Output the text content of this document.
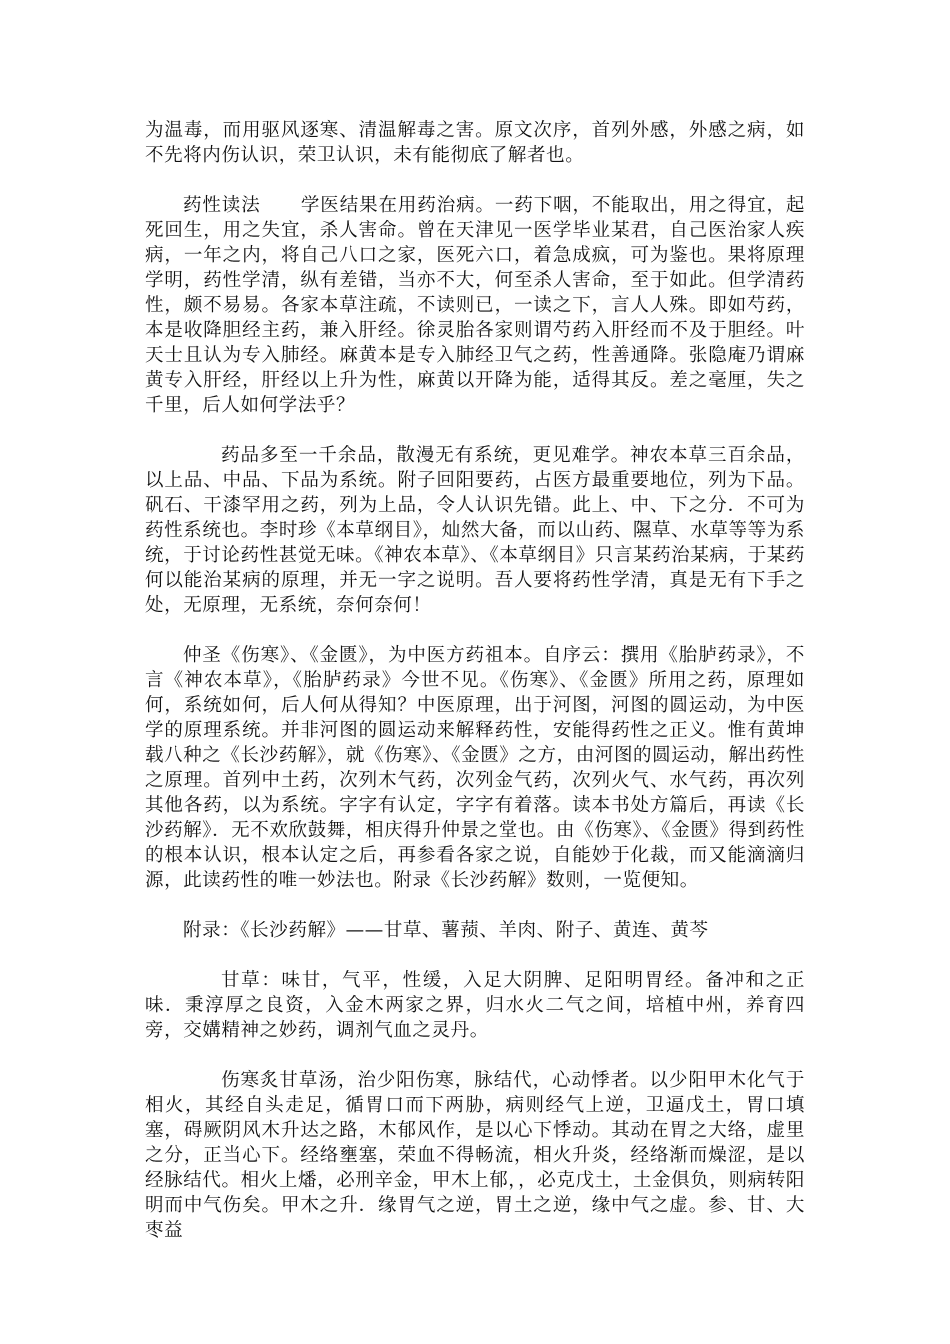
为温毒，而用驱风逐寒、清温解毒之害。原文次序，首列外感，外感之病，如不先将内伤认识，荣卫认识，未有能彻底了解者也。

药性读法 学医结果在用药治病。一药下咽，不能取出，用之得宜，起死回生，用之失宜，杀人害命。曾在天津见一医学毕业某君，自己医治家人疾病，一年之内，将自己八口之家，医死六口，着急成疯，可为鉴也。果将原理学明，药性学清，纵有差错，当亦不大，何至杀人害命，至于如此。但学清药性，颇不易易。各家本草注疏，不读则已，一读之下，言人人殊。即如芍药，本是收降胆经主药，兼入肝经。徐灵胎各家则谓芍药入肝经而不及于胆经。叶天士且认为专入肺经。麻黄本是专入肺经卫气之药，性善通降。张隐庵乃谓麻黄专入肝经，肝经以上升为性，麻黄以开降为能，适得其反。差之毫厘，失之千里，后人如何学法乎？

药品多至一千余品，散漫无有系统，更见难学。神农本草三百余品，以上品、中品、下品为系统。附子回阳要药，占医方最重要地位，列为下品。矾石、干漆罕用之药，列为上品，令人认识先错。此上、中、下之分．不可为药性系统也。李时珍《本草纲目》，灿然大备，而以山药、隰草、水草等等为系统，于讨论药性甚觉无味。《神农本草》、《本草纲目》只言某药治某病，于某药何以能治某病的原理，并无一字之说明。吾人要将药性学清，真是无有下手之处，无原理，无系统，奈何奈何！

仲圣《伤寒》、《金匮》，为中医方药祖本。自序云：撰用《胎胪药录》，不言《神农本草》，《胎胪药录》今世不见。《伤寒》、《金匮》所用之药，原理如何，系统如何，后人何从得知？中医原理，出于河图，河图的圆运动，为中医学的原理系统。并非河图的圆运动来解释药性，安能得药性之正义。惟有黄坤载八种之《长沙药解》，就《伤寒》、《金匮》之方，由河图的圆运动，解出药性之原理。首列中土药，次列木气药，次列金气药，次列火气、水气药，再次列其他各药，以为系统。字字有认定，字字有着落。读本书处方篇后，再读《长沙药解》．无不欢欣鼓舞，相庆得升仲景之堂也。由《伤寒》、《金匮》得到药性的根本认识，根本认定之后，再参看各家之说，自能妙于化裁，而又能滴滴归源，此读药性的唯一妙法也。附录《长沙药解》数则，一览便知。

附录：《长沙药解》——甘草、薯蓣、羊肉、附子、黄连、黄芩

甘草：味甘，气平，性缓，入足大阴脾、足阳明胃经。备冲和之正味．秉淳厚之良资，入金木两家之界，归水火二气之间，培植中州，养育四旁，交媾精神之妙药，调剂气血之灵丹。

伤寒炙甘草汤，治少阳伤寒，脉结代，心动悸者。以少阳甲木化气于相火，其经自头走足，循胃口而下两胁，病则经气上逆，卫逼戊土，胃口填塞，碍厥阴风木升达之路，木郁风作，是以心下悸动。其动在胃之大络，虚里之分，正当心下。经络壅塞，荣血不得畅流，相火升炎，经络渐而燥涩，是以经脉结代。相火上燔，必刑辛金，甲木上郁，，必克戊土，土金俱负，则病转阳明而中气伤矣。甲木之升．缘胃气之逆，胃土之逆，缘中气之虚。参、甘、大枣益
